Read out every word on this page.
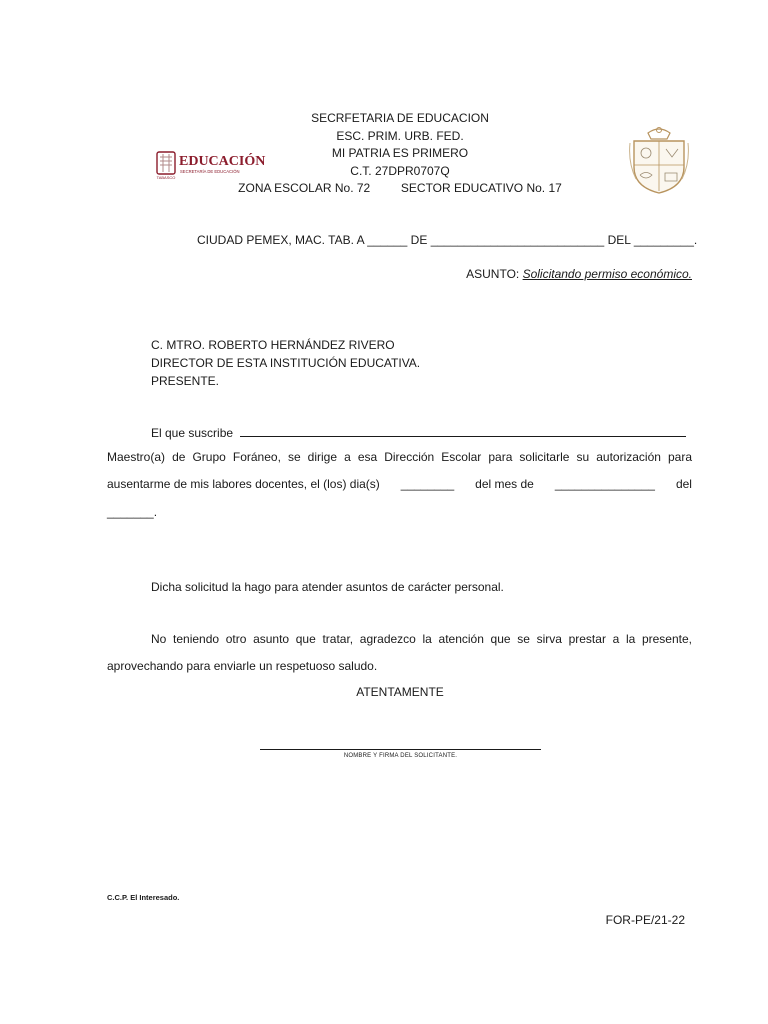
TABASCO
EDUCACIÓN
SECRETARÍA DE EDUCACIÓN
SECRFETARIA DE EDUCACION
ESC. PRIM. URB. FED.
MI PATRIA ES PRIMERO
C.T. 27DPR0707Q
ZONA ESCOLAR No. 72	SECTOR EDUCATIVO No. 17
CIUDAD PEMEX, MAC. TAB. A ______ DE __________________________ DEL _________.
ASUNTO: Solicitando permiso económico.
C. MTRO. ROBERTO HERNÁNDEZ RIVERO
DIRECTOR DE ESTA INSTITUCIÓN EDUCATIVA.
PRESENTE.
El que suscribe
Maestro(a) de Grupo Foráneo, se dirige a esa Dirección Escolar para solicitarle su autorización para
ausentarme de mis labores docentes, el (los) dia(s) ________ del mes de _______________ del
_______.
Dicha solicitud la hago para atender asuntos de carácter personal.
No teniendo otro asunto que tratar, agradezco la atención que se sirva prestar a la presente,
aprovechando para enviarle un respetuoso saludo.
ATENTAMENTE
NOMBRE Y FIRMA DEL SOLICITANTE.
C.C.P. El Interesado.
FOR-PE/21-22
